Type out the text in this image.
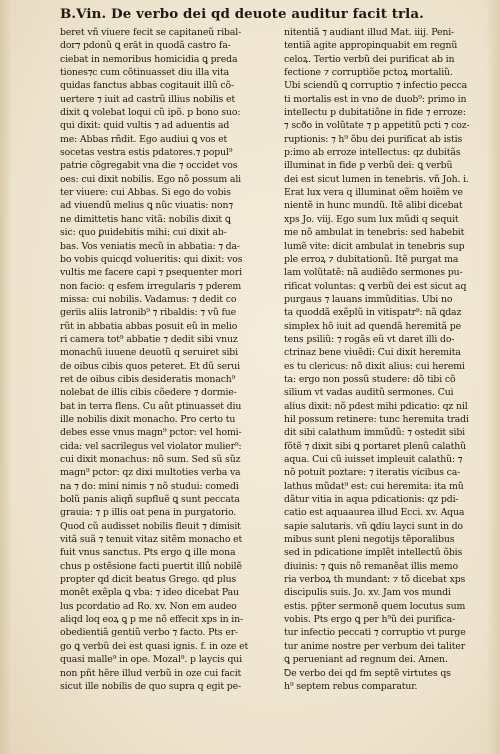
B.Vin. De verbo dei qd deuote auditur facit trla.
beret vñ viuere fecit se capitaneũ ribal-
dor⁊ pdonũ ꝗ erāt in quodã castro fa-
ciebat in nemoribus homicidia ꝗ preda
tiones⁊c cum cõtinuasset diu illa vita
quidas fanctus abbas cogitauit illũ cõ-
uertere ⁊ iuit ad castrũ illius nobilis et
dixit ꝗ volebat loqui cũ ipõ. p bono suo:
qui dixit: quid vultis ⁊ ad aduentis ad
me: Abbas rñdit. Ego audiui ꝗ vos et
socetas vestra estis pdatores.⁊ popul⁹
patrie cõgregabit vna die ⁊ occidet vos
oes: cui dixit nobilis. Ego nõ possum ali
ter viuere: cui Abbas. Si ego do vobis
ad viuendũ melius ꝗ nũc viuatis: non⁊
ne dimittetis hanc vitã: nobilis dixit ꝗ
sic: quo ꝑuidebitis mihi: cui dixit ab-
bas. Vos veniatis mecũ in abbatia: ⁊ da-
bo vobis quicqd volueritis: qui dixit: vos
vultis me facere capi ⁊ psequenter mori
non facio: q esfem irregularis ⁊ pderem
missa: cui nobilis. Vadamus: ⁊ dedit co
geriis aliis latronib⁹ ⁊ ribaldis: ⁊ vũ fue
rũt in abbatia abbas posuit eũ in melio
ri camera tot⁹ abbatie ⁊ dedit sibi vnuz
monachũ iuuene deuotũ q seruiret sibi
de oibus cibis quos peteret. Et dũ serui
ret de oibus cibis desideratis monach⁹
nolebat de illis cibis cõedere ⁊ dormie-
bat in terra flens. Cu aũt ptinuasset diu
ille nobilis dixit monacho. Pro certo tu
debes esse vnus magn⁹ pctor: vel homi-
cida: vel sacrilegus vel violator mulier⁹:
cui dixit monachus: nõ sum. Sed sũ sũz
magn⁹ pctor: qz dixi multoties verba va
na ⁊ do: mini nimis ⁊ nõ studui: comedi
bolũ panis aliqñ supfluẽ ꝗ sunt peccata
grauia: ⁊ p illis oat pena in purgatorio.
Quod cũ audisset nobilis fleuit ⁊ dimisit
vitã suã ⁊ tenuit vitaz sitẽm monacho et
fuit vnus sanctus. Pts ergo ꝗ ille mona
chus p ostẽsione facti puertit illũ nobilẽ
propter qd dicit beatus Grego. qd plus
monẽt exẽpla ꝗ vba: ⁊ ideo dicebat Pau
lus pcordatio ad Ro. xv. Non em audeo
aliqd loq eoꝝ ꝗ p me nõ effecit xps in in-
obedientiã gentiũ verbo ⁊ facto. Pts er-
go ꝗ verbũ dei est quasi ignis. f. in oze et
quasi malle⁹ in ope. Mozal⁹. p laycis qui
non pñt hẽre illud verbũ in oze cui facit
sicut ille nobilis de quo supra q egit pe-
nitentiã ⁊ audiant illud Mat. iiij. Peni-
tentiã agite appropinquabit em regnũ
celoꝝ. Tertio verbũ dei purificat ab in
fectione ⁊ corruptiõe pctoꝝ mortaliũ.
Ubi sciendũ ꝗ corruptio ⁊ infectio pecca
ti mortalis est in vno de duob⁹: primo in
intellectu p dubitatiõne in fide ⁊ erroze:
⁊ scðo in volũtate ⁊ p appetitũ pcti ⁊ coz-
ruptionis: ⁊ h⁹ õbu dei purificat ab istis
p:imo ab erroze intellectus: qz dubitãs
illuminat in fide p verbũ dei: ꝗ verbũ
dei est sicut lumen in tenebris. vñ Joh. i.
Erat lux vera q illuminat oẽm hoiẽm ve
nientẽ in hunc mundũ. Itẽ alibi dicebat
xps Jo. viij. Ego sum lux mũdi q sequit
me nõ ambulat in tenebris: sed habebit
lumẽ vite: dicit ambulat in tenebris sup
ple erroꝝ ⁊ dubitationũ. Itẽ purgat ma
lam volũtatẽ: nã audiẽdo sermones pu-
rificat voluntas: ꝗ verbũ dei est sicut aq
purgaus ⁊ lauans immũditias. Ubi no
ta quoddã exẽplũ in vitispatr⁹: nã ꝗdaz
simplex hõ iuit ad quendã heremitã pe
tens psiliũ: ⁊ rogãs eũ vt daret illi do-
ctrinaz bene viuẽdi: Cui dixit heremita
es tu clericus: nõ dixit alius: cui heremi
ta: ergo non possũ studere: dõ tibi cõ
silium vt vadas auditũ sermones. Cui
alius dixit: nõ pdest mihi pdicatio: qz nil
hil possum retinere: tunc heremita tradi
dit sibi calathum immũdũ: ⁊ ostedit sibi
fõtẽ ⁊ dixit sibi ꝗ portaret plenũ calathũ
aqua. Cui cũ iuisset impleuit calathũ: ⁊
nõ potuit poztare: ⁊ iteratis vicibus ca-
lathus mũdat⁹ est: cui heremita: ita mũ
dãtur vitia in aqua pdicationis: qz pdi-
catio est aquaaurea illud Ecci. xv. Aqua
sapie salutaris. vñ ꝗdiu layci sunt in do
mibus sunt pleni negotijs tẽporalibus
sed in pdicatione implẽt intellectũ õbis
diuinis: ⁊ ꝗuis nõ remanẽat illis memo
ria verboꝝ th mundant: ⁊ tõ dicebat xps
discipulis suis. Jo. xv. Jam vos mundi
estis. pp̃ter sermonẽ quem locutus sum
vobis. Pts ergo ꝗ per h⁹ũ dei purifica-
tur infectio peccati ⁊ corruptio vt purge
tur anime nostre per verbum dei taliter
ꝗ perueniant ad regnum dei. Amen.
Ꝺe verbo dei qd fm septẽ virtutes qs
h⁹ septem rebus comparatur.
